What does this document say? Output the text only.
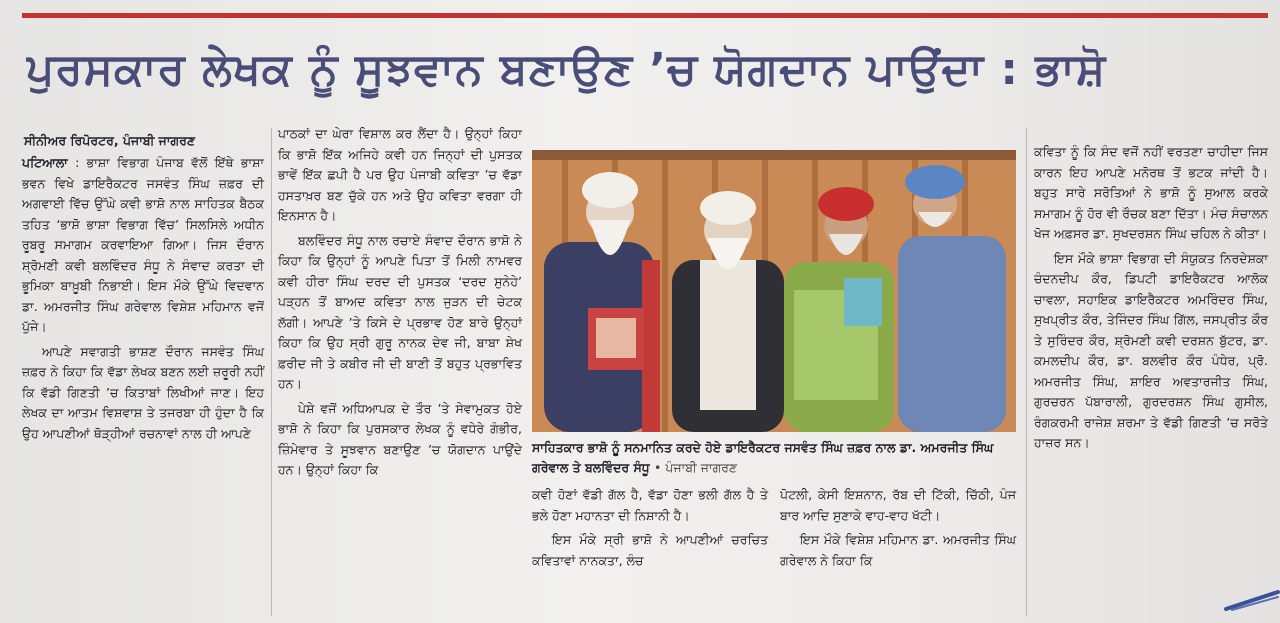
ਪੁਰਸਕਾਰ ਲੇਖਕ ਨੂੰ ਸੂਝਵਾਨ ਬਣਾਉਣ ’ਚ ਯੋਗਦਾਨ ਪਾਉਂਦਾ : ਭਾਸ਼ੋ
ਸੀਨੀਅਰ ਰਿਪੋਰਟਰ, ਪੰਜਾਬੀ ਜਾਗਰਣ

ਪਟਿਆਲਾ : ਭਾਸ਼ਾ ਵਿਭਾਗ ਪੰਜਾਬ ਵੱਲੋਂ ਇੱਥੇ ਭਾਸ਼ਾ ਭਵਨ ਵਿਖੇ ਡਾਇਰੈਕਟਰ ਜਸਵੰਤ ਸਿੰਘ ਜ਼ਫ਼ਰ ਦੀ ਅਗਵਾਈ ਵਿੱਚ ਉੱਘੇ ਕਵੀ ਭਾਸ਼ੋ ਨਾਲ ਸਾਹਿਤਕ ਬੈਠਕ ਤਹਿਤ ‘ਭਾਸ਼ੋ ਭਾਸ਼ਾ ਵਿਭਾਗ ਵਿੱਚ’ ਸਿਲਸਿਲੇ ਅਧੀਨ ਰੂਬਰੂ ਸਮਾਗਮ ਕਰਵਾਇਆ ਗਿਆ। ਜਿਸ ਦੌਰਾਨ ਸ਼੍ਰੋਮਣੀ ਕਵੀ ਬਲਵਿੰਦਰ ਸੰਧੂ ਨੇ ਸੰਵਾਦ ਕਰਤਾ ਦੀ ਭੂਮਿਕਾ ਬਾਖ਼ੂਬੀ ਨਿਭਾਈ। ਇਸ ਮੌਕੇ ਉੱਘੇ ਵਿਦਵਾਨ ਡਾ. ਅਮਰਜੀਤ ਸਿੰਘ ਗਰੇਵਾਲ ਵਿਸ਼ੇਸ਼ ਮਹਿਮਾਨ ਵਜੋਂ ਪੁੱਜੇ।

ਆਪਣੇ ਸਵਾਗਤੀ ਭਾਸ਼ਣ ਦੌਰਾਨ ਜਸਵੰਤ ਸਿੰਘ ਜ਼ਫ਼ਰ ਨੇ ਕਿਹਾ ਕਿ ਵੱਡਾ ਲੇਖਕ ਬਣਨ ਲਈ ਜ਼ਰੂਰੀ ਨਹੀਂ ਕਿ ਵੱਡੀ ਗਿਣਤੀ ’ਚ ਕਿਤਾਬਾਂ ਲਿਖੀਆਂ ਜਾਣ। ਇਹ ਲੇਖਕ ਦਾ ਆਤਮ ਵਿਸ਼ਵਾਸ਼ ਤੇ ਤਜਰਬਾ ਹੀ ਹੁੰਦਾ ਹੈ ਕਿ ਉਹ ਆਪਣੀਆਂ ਥੋੜ੍ਹੀਆਂ ਰਚਨਾਵਾਂ ਨਾਲ ਹੀ ਆਪਣੇ

ਪਾਠਕਾਂ ਦਾ ਘੇਰਾ ਵਿਸ਼ਾਲ ਕਰ ਲੈਂਦਾ ਹੈ। ਉਨ੍ਹਾਂ ਕਿਹਾ ਕਿ ਭਾਸ਼ੋ ਇੱਕ ਅਜਿਹੇ ਕਵੀ ਹਨ ਜਿਨ੍ਹਾਂ ਦੀ ਪੁਸਤਕ ਭਾਵੇਂ ਇੱਕ ਛਪੀ ਹੈ ਪਰ ਉਹ ਪੰਜਾਬੀ ਕਵਿਤਾ ’ਚ ਵੱਡਾ ਹਸਤਾਖ਼ਰ ਬਣ ਚੁੱਕੇ ਹਨ ਅਤੇ ਉਹ ਕਵਿਤਾ ਵਰਗਾ ਹੀ ਇਨਸਾਨ ਹੈ।

ਬਲਵਿੰਦਰ ਸੰਧੂ ਨਾਲ ਰਚਾਏ ਸੰਵਾਦ ਦੌਰਾਨ ਭਾਸ਼ੋ ਨੇ ਕਿਹਾ ਕਿ ਉਨ੍ਹਾਂ ਨੂੰ ਆਪਣੇ ਪਿਤਾ ਤੋਂ ਮਿਲੀ ਨਾਮਵਰ ਕਵੀ ਹੀਰਾ ਸਿੰਘ ਦਰਦ ਦੀ ਪੁਸਤਕ ‘ਦਰਦ ਸੁਨੇਹੇ’ ਪੜ੍ਹਨ ਤੋਂ ਬਾਅਦ ਕਵਿਤਾ ਨਾਲ ਜੁੜਨ ਦੀ ਚੇਟਕ ਲੱਗੀ। ਆਪਣੇ ’ਤੇ ਕਿਸੇ ਦੇ ਪ੍ਰਭਾਵ ਹੋਣ ਬਾਰੇ ਉਨ੍ਹਾਂ ਕਿਹਾ ਕਿ ਉਹ ਸ੍ਰੀ ਗੁਰੂ ਨਾਨਕ ਦੇਵ ਜੀ, ਬਾਬਾ ਸ਼ੇਖ ਫ਼ਰੀਦ ਜੀ ਤੇ ਕਬੀਰ ਜੀ ਦੀ ਬਾਣੀ ਤੋਂ ਬਹੁਤ ਪ੍ਰਭਾਵਿਤ ਹਨ।

ਪੇਸ਼ੇ ਵਜੋਂ ਅਧਿਆਪਕ ਦੇ ਤੌਰ ’ਤੇ ਸੇਵਾਮੁਕਤ ਹੋਏ ਭਾਸ਼ੋ ਨੇ ਕਿਹਾ ਕਿ ਪੁਰਸਕਾਰ ਲੇਖਕ ਨੂੰ ਵਧੇਰੇ ਗੰਭੀਰ, ਜ਼ਿੰਮੇਵਾਰ ਤੇ ਸੂਝਵਾਨ ਬਣਾਉਣ ’ਚ ਯੋਗਦਾਨ ਪਾਉਂਦੇ ਹਨ। ਉਨ੍ਹਾਂ ਕਿਹਾ ਕਿ

ਸਾਹਿਤਕਾਰ ਭਾਸ਼ੋ ਨੂੰ ਸਨਮਾਨਿਤ ਕਰਦੇ ਹੋਏ ਡਾਇਰੈਕਟਰ ਜਸਵੰਤ ਸਿੰਘ ਜ਼ਫ਼ਰ ਨਾਲ ਡਾ. ਅਮਰਜੀਤ ਸਿੰਘ ਗਰੇਵਾਲ ਤੇ ਬਲਵਿੰਦਰ ਸੰਧੂ • ਪੰਜਾਬੀ ਜਾਗਰਣ

ਕਵੀ ਹੋਣਾਂ ਵੱਡੀ ਗੱਲ ਹੈ, ਵੱਡਾ ਹੋਣਾ ਭਲੀ ਗੱਲ ਹੈ ਤੇ ਭਲੇ ਹੋਣਾ ਮਹਾਨਤਾ ਦੀ ਨਿਸ਼ਾਨੀ ਹੈ।

ਇਸ ਮੌਕੇ ਸ੍ਰੀ ਭਾਸ਼ੋ ਨੇ ਆਪਣੀਆਂ ਚਰਚਿਤ ਕਵਿਤਾਵਾਂ ਨਾਨਕਤਾ, ਲੰਚ

ਪੋਟਲੀ, ਕੇਸੀ ਇਸ਼ਨਾਨ, ਰੱਬ ਦੀ ਟਿੱਕੀ, ਚਿੱਠੀ, ਪੰਜ ਬਾਰ ਆਦਿ ਸੁਣਾਕੇ ਵਾਹ-ਵਾਹ ਖੱਟੀ।

ਇਸ ਮੌਕੇ ਵਿਸ਼ੇਸ਼ ਮਹਿਮਾਨ ਡਾ. ਅਮਰਜੀਤ ਸਿੰਘ ਗਰੇਵਾਲ ਨੇ ਕਿਹਾ ਕਿ

ਕਵਿਤਾ ਨੂੰ ਕਿ ਸੰਦ ਵਜੋਂ ਨਹੀਂ ਵਰਤਣਾ ਚਾਹੀਦਾ ਜਿਸ ਕਾਰਨ ਇਹ ਆਪਣੇ ਮਨੋਰਥ ਤੋਂ ਭਟਕ ਜਾਂਦੀ ਹੈ। ਬਹੁਤ ਸਾਰੇ ਸਰੋਤਿਆਂ ਨੇ ਭਾਸ਼ੋ ਨੂੰ ਸੁਆਲ ਕਰਕੇ ਸਮਾਗਮ ਨੂੰ ਹੋਰ ਵੀ ਰੌਚਕ ਬਣਾ ਦਿੱਤਾ। ਮੰਚ ਸੰਚਾਲਨ ਖੋਜ ਅਫ਼ਸਰ ਡਾ. ਸੁਖਦਰਸ਼ਨ ਸਿੰਘ ਚਹਿਲ ਨੇ ਕੀਤਾ।

ਇਸ ਮੌਕੇ ਭਾਸ਼ਾ ਵਿਭਾਗ ਦੀ ਸੰਯੁਕਤ ਨਿਰਦੇਸ਼ਕਾ ਚੰਦਨਦੀਪ ਕੌਰ, ਡਿਪਟੀ ਡਾਇਰੈਕਟਰ ਆਲੋਕ ਚਾਵਲਾ, ਸਹਾਇਕ ਡਾਇਰੈਕਟਰ ਅਮਰਿੰਦਰ ਸਿੰਘ, ਸੁਖਪ੍ਰੀਤ ਕੌਰ, ਤੇਜਿੰਦਰ ਸਿੰਘ ਗਿੱਲ, ਜਸਪ੍ਰੀਤ ਕੌਰ ਤੇ ਸੁਰਿੰਦਰ ਕੌਰ, ਸ਼੍ਰੋਮਣੀ ਕਵੀ ਦਰਸ਼ਨ ਬੁੱਟਰ, ਡਾ. ਕਮਲਦੀਪ ਕੌਰ, ਡਾ. ਬਲਵੀਰ ਕੌਰ ਪੰਧੇਰ, ਪ੍ਰੋ. ਅਮਰਜੀਤ ਸਿੰਘ, ਸ਼ਾਇਰ ਅਵਤਾਰਜੀਤ ਸਿੰਘ, ਗੁਰਚਰਨ ਪੱਬਾਰਾਲੀ, ਗੁਰਦਰਸ਼ਨ ਸਿੰਘ ਗੁਸੀਲ, ਰੰਗਕਰਮੀ ਰਾਜੇਸ਼ ਸ਼ਰਮਾ ਤੇ ਵੱਡੀ ਗਿਣਤੀ ’ਚ ਸਰੋਤੇ ਹਾਜ਼ਰ ਸਨ।
